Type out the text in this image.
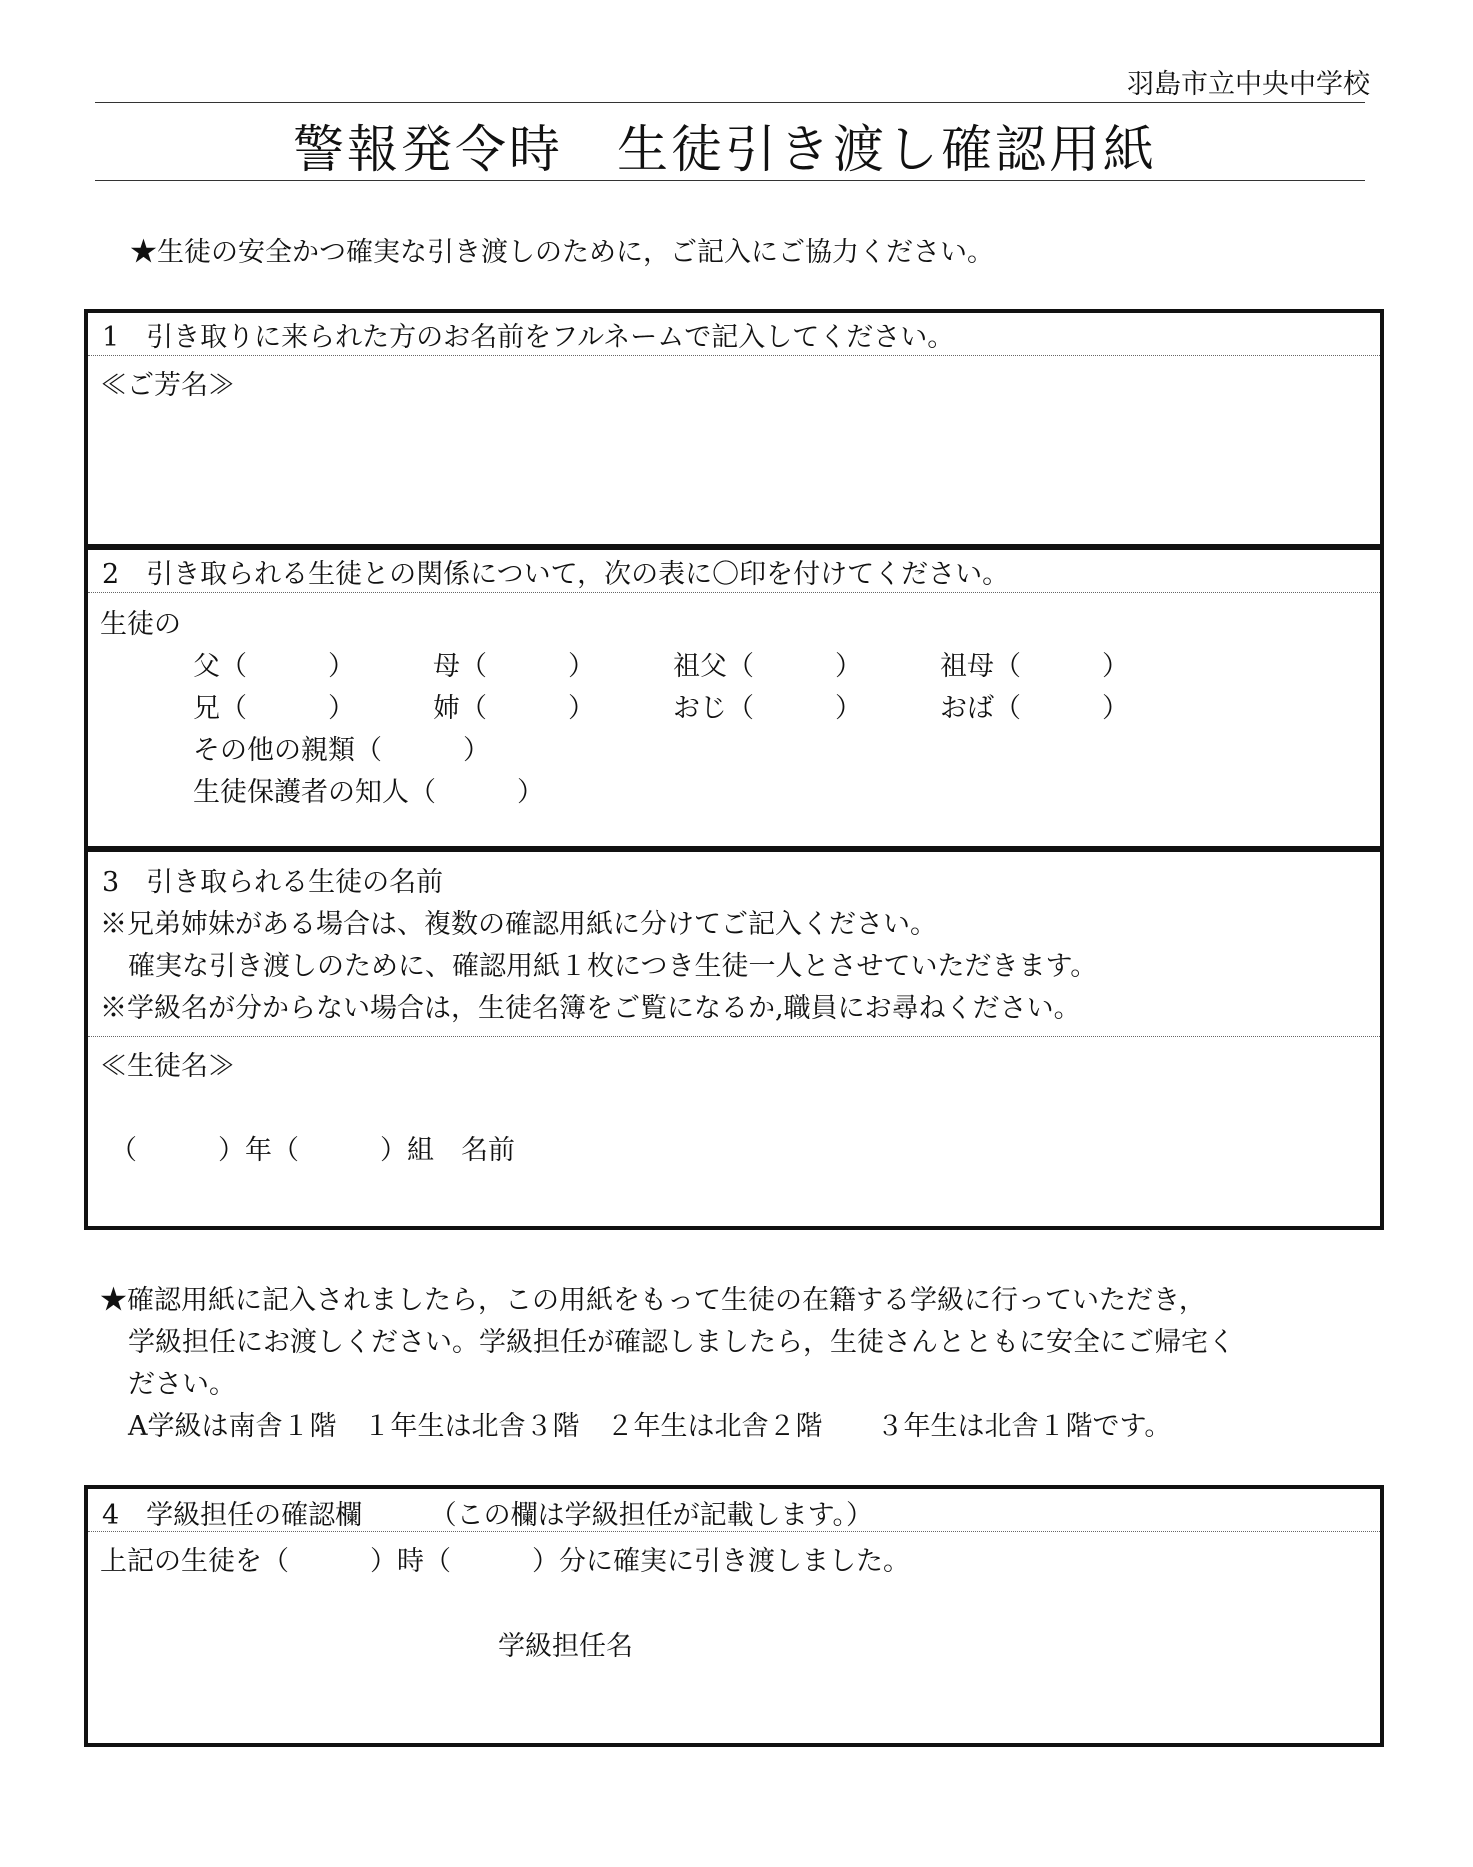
羽島市立中央中学校
警報発令時　生徒引き渡し確認用紙
★生徒の安全かつ確実な引き渡しのために，ご記入にご協力ください。
1　引き取りに来られた方のお名前をフルネームで記入してください。
≪ご芳名≫
2　引き取られる生徒との関係について，次の表に〇印を付けてください。
生徒の
父（　　　）	母（　　　）	祖父（　　　）	祖母（　　　）
兄（　　　）	姉（　　　）	おじ（　　　）	おば（　　　）
その他の親類（　　　）
生徒保護者の知人（　　　）
3　引き取られる生徒の名前
※兄弟姉妹がある場合は、複数の確認用紙に分けてご記入ください。
確実な引き渡しのために、確認用紙１枚につき生徒一人とさせていただきます。
※学級名が分からない場合は，生徒名簿をご覧になるか,職員にお尋ねください。
≪生徒名≫
（　　　）年（　　　）組　名前
★確認用紙に記入されましたら，この用紙をもって生徒の在籍する学級に行っていただき，
学級担任にお渡しください。学級担任が確認しましたら，生徒さんとともに安全にご帰宅く
ださい。
A学級は南舎１階　１年生は北舎３階　２年生は北舎２階　　３年生は北舎１階です。
4　学級担任の確認欄　　　（この欄は学級担任が記載します。）
上記の生徒を（　　　）時（　　　）分に確実に引き渡しました。
学級担任名
